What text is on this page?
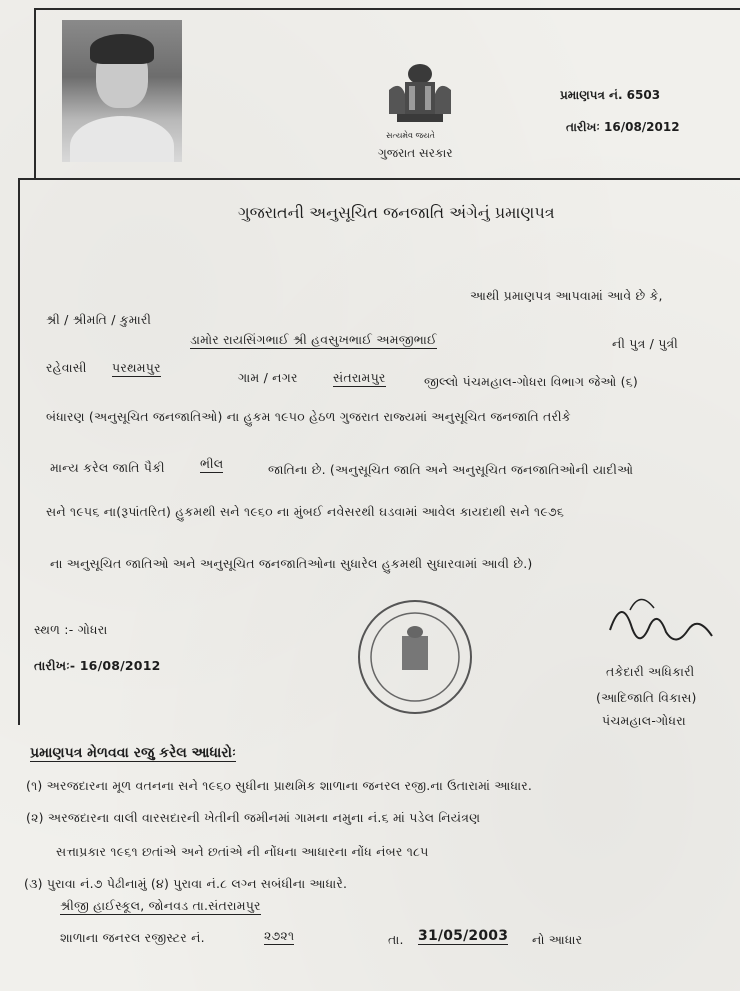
સત્યમેવ જયતે
ગુજરાત સરકાર
પ્રમાણપત્ર નં. 6503
તારીખઃ 16/08/2012
ગુજરાતની અનુસૂચિત જનજાતિ અંગેનું પ્રમાણપત્ર
આથી પ્રમાણપત્ર આપવામાં આવે છે કે,
શ્રી / શ્રીમતિ / કુમારી
ડામોર રાયસિંગભાઈ શ્રી હવસુખભાઈ અમજીભાઈ	ની પુત્ર / પુત્રી
રહેવાસી પરથમપુર
ગામ / નગર	સંતરામપુર	જીલ્લો પંચમહાલ-ગોધરા વિભાગ જેઓ (૬)
બંધારણ (અનુસૂચિત જનજાતિઓ) ના હુકમ ૧૯૫૦ હેઠળ ગુજરાત રાજ્યમાં અનુસૂચિત જનજાતિ તરીકે
માન્ય કરેલ જાતિ પૈકી	ભીલ	જાતિના છે. (અનુસૂચિત જાતિ અને અનુસૂચિત જનજાતિઓની યાદીઓ
સને ૧૯૫૬ ના(રૂપાંતરિત) હુકમથી સને ૧૯૬૦ ના મુંબઈ નવેસરથી ઘડવામાં આવેલ કાયદાથી સને ૧૯૭૬
ના અનુસૂચિત જાતિઓ અને અનુસૂચિત જનજાતિઓના સુધારેલ હુકમથી સુધારવામાં આવી છે.)
સ્થળ :- ગોધરા
તારીખઃ- 16/08/2012	તકેદારી અધિકારી
(આદિજાતિ વિકાસ)
પંચમહાલ-ગોધરા
પ્રમાણપત્ર મેળવવા રજુ કરેલ આધારોઃ
(૧) અરજદારના મૂળ વતનના સને ૧૯૬૦ સુધીના પ્રાથમિક શાળાના જનરલ રજી.ના ઉતારામાં આધાર.
(૨) અરજદારના વાલી વારસદારની ખેતીની જમીનમાં ગામના નમુના નં.૬ માં પડેલ નિયંત્રણ
સત્તાપ્રકાર ૧૯૬૧ છતાંએ અને છતાંએ ની નોંધના આધારના નોંધ નંબર ૧૮૫
(૩) પુરાવા નં.૭ પેઢીનામું (૪) પુરાવા નં.૮ લગ્ન સબંધીના આધારે.
શ્રીજી હાઈસ્કૂલ, જોનવડ તા.સંતરામપુર
શાળાના જનરલ રજીસ્ટર નં.	૨૭૨૧	તા. 31/05/2003 નો આધાર
